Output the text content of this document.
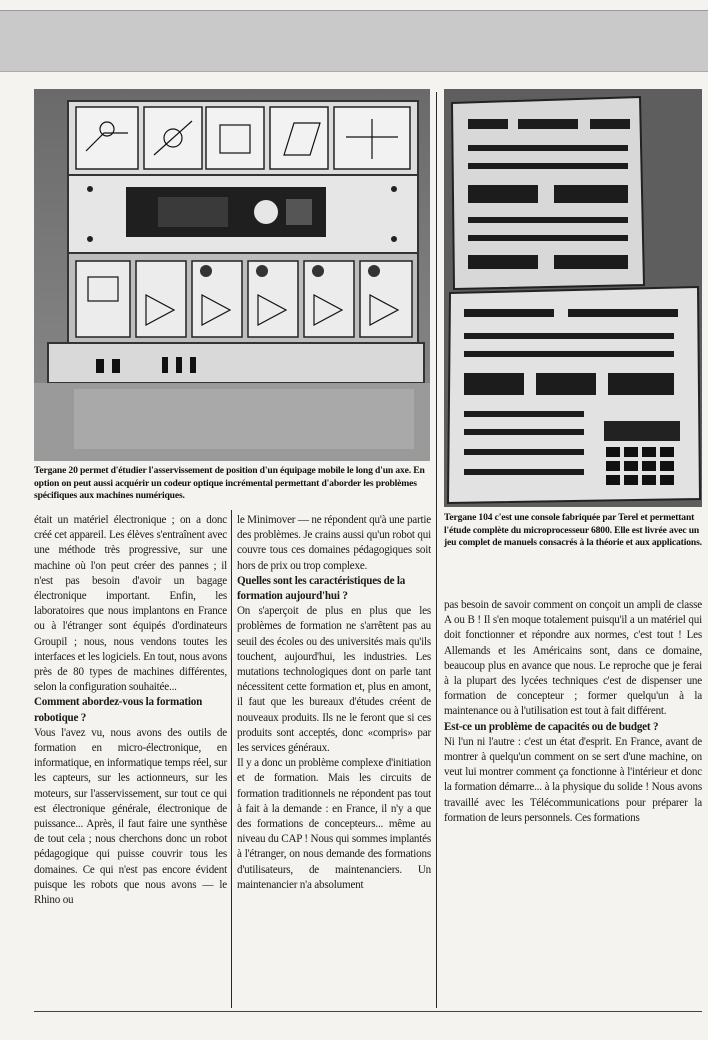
Tergane 20 permet d'étudier l'asservissement de position d'un équipage mobile le long d'un axe. En option on peut aussi acquérir un codeur optique incrémental permettant d'aborder les problèmes spécifiques aux machines numériques.

Tergane 104 c'est une console fabriquée par Terel et permettant l'étude complète du microprocesseur 6800. Elle est livrée avec un jeu complet de manuels consacrés à la théorie et aux applications.

était un matériel électronique ; on a donc créé cet appareil. Les élèves s'entraînent avec une méthode très progressive, sur une machine où l'on peut créer des pannes ; il n'est pas besoin d'avoir un bagage électronique important. Enfin, les laboratoires que nous implantons en France ou à l'étranger sont équipés d'ordinateurs Groupil ; nous, nous vendons toutes les interfaces et les logiciels. En tout, nous avons près de 80 types de machines différentes, selon la configuration souhaitée...

Comment abordez-vous la formation robotique ?

Vous l'avez vu, nous avons des outils de formation en micro-électronique, en informatique, en informatique temps réel, sur les capteurs, sur les actionneurs, sur les moteurs, sur l'asservissement, sur tout ce qui est électronique générale, électronique de puissance... Après, il faut faire une synthèse de tout cela ; nous cherchons donc un robot pédagogique qui puisse couvrir tous les domaines. Ce qui n'est pas encore évident puisque les robots que nous avons — le Rhino ou

le Minimover — ne répondent qu'à une partie des problèmes. Je crains aussi qu'un robot qui couvre tous ces domaines pédagogiques soit hors de prix ou trop complexe.

Quelles sont les caractéristiques de la formation aujourd'hui ?

On s'aperçoit de plus en plus que les problèmes de formation ne s'arrêtent pas au seuil des écoles ou des universités mais qu'ils touchent, aujourd'hui, les industries. Les mutations technologiques dont on parle tant nécessitent cette formation et, plus en amont, il faut que les bureaux d'études créent de nouveaux produits. Ils ne le feront que si ces produits sont acceptés, donc «compris» par les services généraux.

Il y a donc un problème complexe d'initiation et de formation. Mais les circuits de formation traditionnels ne répondent pas tout à fait à la demande : en France, il n'y a que des formations de concepteurs... même au niveau du CAP ! Nous qui sommes implantés à l'étranger, on nous demande des formations d'utilisateurs, de maintenanciers. Un maintenancier n'a absolument

pas besoin de savoir comment on conçoit un ampli de classe A ou B ! Il s'en moque totalement puisqu'il a un matériel qui doit fonctionner et répondre aux normes, c'est tout ! Les Allemands et les Américains sont, dans ce domaine, beaucoup plus en avance que nous. Le reproche que je ferai à la plupart des lycées techniques c'est de dispenser une formation de concepteur ; former quelqu'un à la maintenance ou à l'utilisation est tout à fait différent.

Est-ce un problème de capacités ou de budget ?

Ni l'un ni l'autre : c'est un état d'esprit. En France, avant de montrer à quelqu'un comment on se sert d'une machine, on veut lui montrer comment ça fonctionne à l'intérieur et donc la formation démarre... à la physique du solide ! Nous avons travaillé avec les Télécommunications pour préparer la formation de leurs personnels. Ces formations
